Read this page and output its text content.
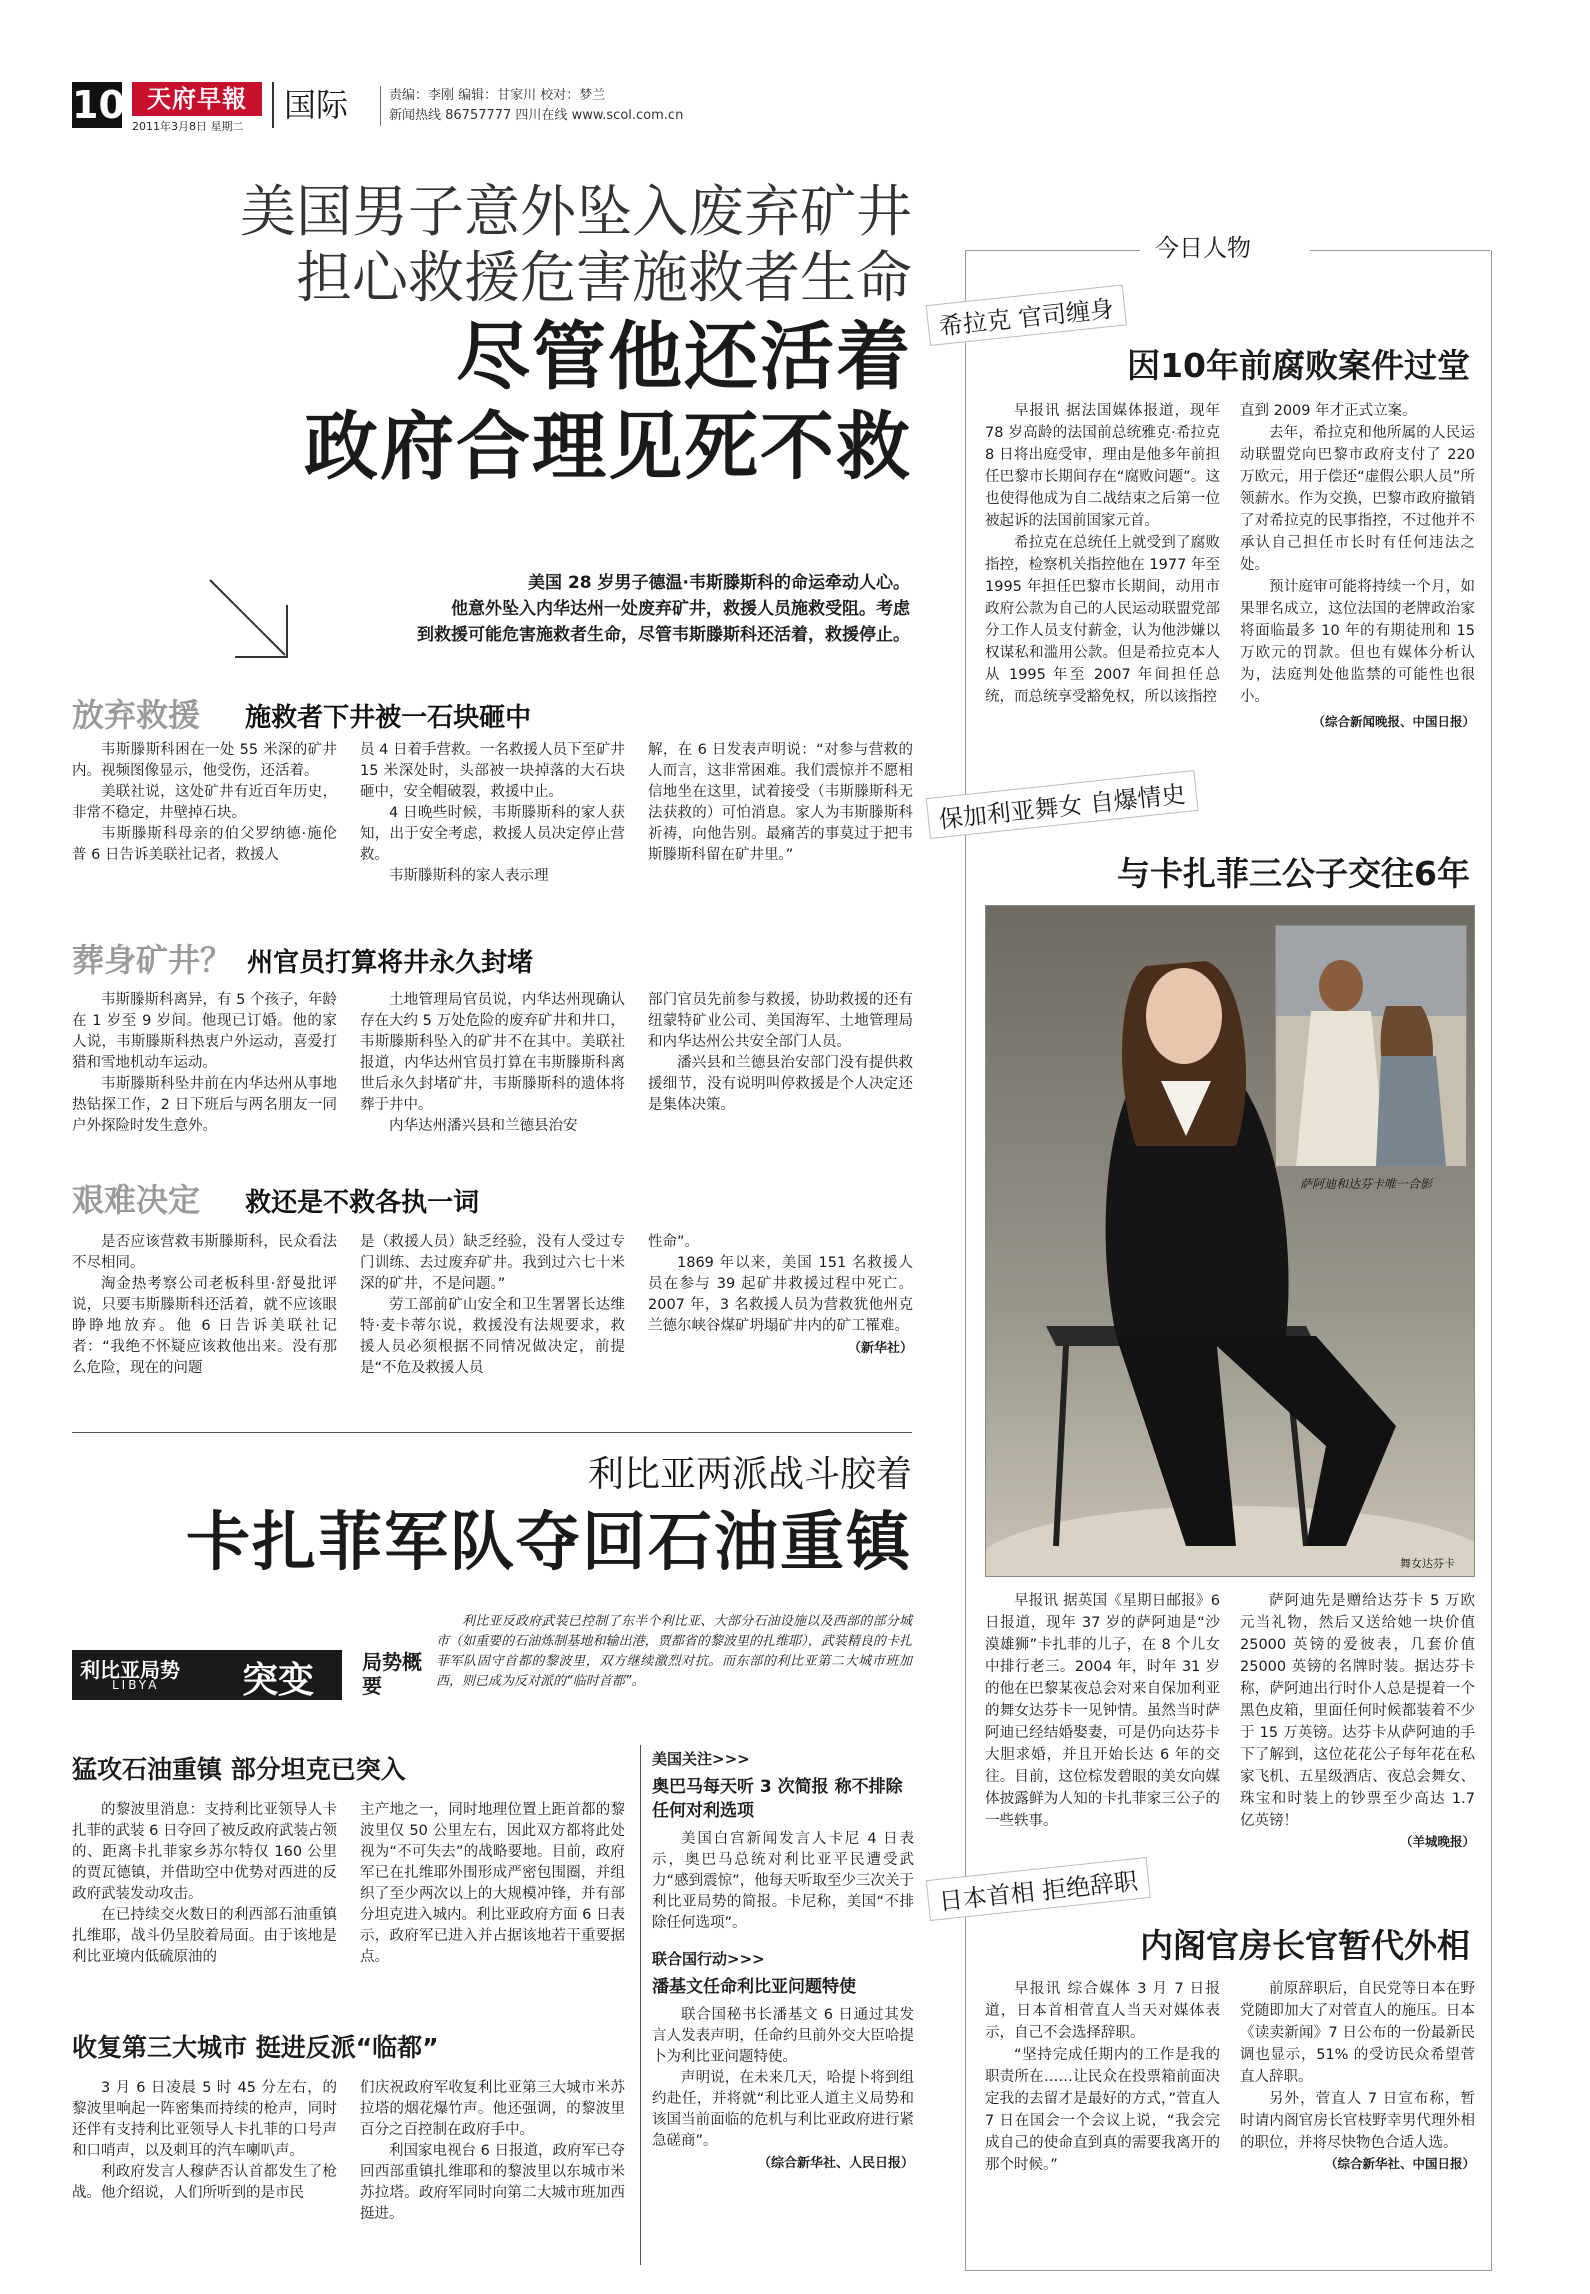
10 天府早報
2011年3月8日 星期二
国际	责编：李刚 编辑：甘家川 校对：梦兰
新闻热线 86757777 四川在线 www.scol.com.cn
美国男子意外坠入废弃矿井
担心救援危害施救者生命
尽管他还活着
政府合理见死不救
美国 28 岁男子德温·韦斯滕斯科的命运牵动人心。
他意外坠入内华达州一处废弃矿井，救援人员施救受阻。考虑
到救援可能危害施救者生命，尽管韦斯滕斯科还活着，救援停止。
放弃救援 施救者下井被一石块砸中

韦斯滕斯科困在一处 55 米深的矿井内。视频图像显示，他受伤，还活着。

美联社说，这处矿井有近百年历史，非常不稳定，井壁掉石块。

韦斯滕斯科母亲的伯父罗纳德·施伦普 6 日告诉美联社记者，救援人

员 4 日着手营救。一名救援人员下至矿井 15 米深处时，头部被一块掉落的大石块砸中，安全帽破裂，救援中止。

4 日晚些时候，韦斯滕斯科的家人获知，出于安全考虑，救援人员决定停止营救。

韦斯滕斯科的家人表示理

解，在 6 日发表声明说：“对参与营救的人而言，这非常困难。我们震惊并不愿相信地坐在这里，试着接受（韦斯滕斯科无法获救的）可怕消息。家人为韦斯滕斯科祈祷，向他告别。最痛苦的事莫过于把韦斯滕斯科留在矿井里。”

葬身矿井？ 州官员打算将井永久封堵

韦斯滕斯科离异，有 5 个孩子，年龄在 1 岁至 9 岁间。他现已订婚。他的家人说，韦斯滕斯科热衷户外运动，喜爱打猎和雪地机动车运动。

韦斯滕斯科坠井前在内华达州从事地热钻探工作，2 日下班后与两名朋友一同户外探险时发生意外。

土地管理局官员说，内华达州现确认存在大约 5 万处危险的废弃矿井和井口，韦斯滕斯科坠入的矿井不在其中。美联社报道，内华达州官员打算在韦斯滕斯科离世后永久封堵矿井，韦斯滕斯科的遗体将葬于井中。

内华达州潘兴县和兰德县治安

部门官员先前参与救援，协助救援的还有纽蒙特矿业公司、美国海军、土地管理局和内华达州公共安全部门人员。

潘兴县和兰德县治安部门没有提供救援细节，没有说明叫停救援是个人决定还是集体决策。

艰难决定 救还是不救各执一词

是否应该营救韦斯滕斯科，民众看法不尽相同。

淘金热考察公司老板科里·舒曼批评说，只要韦斯滕斯科还活着，就不应该眼睁睁地放弃。他 6 日告诉美联社记者：“我绝不怀疑应该救他出来。没有那么危险，现在的问题

是（救援人员）缺乏经验，没有人受过专门训练、去过废弃矿井。我到过六七十米深的矿井，不是问题。”

劳工部前矿山安全和卫生署署长达维特·麦卡蒂尔说，救援没有法规要求，救援人员必须根据不同情况做决定，前提是“不危及救援人员

性命”。

1869 年以来，美国 151 名救援人员在参与 39 起矿井救援过程中死亡。2007 年，3 名救援人员为营救犹他州克兰德尔峡谷煤矿坍塌矿井内的矿工罹难。

（新华社）
利比亚两派战斗胶着
卡扎菲军队夺回石油重镇
利比亚局势
LIBYA 突变 局势概要
利比亚反政府武装已控制了东半个利比亚、大部分石油设施以及西部的部分城市（如重要的石油炼制基地和输出港，贾都省的黎波里的扎维耶），武装精良的卡扎菲军队固守首都的黎波里，双方继续激烈对抗。而东部的利比亚第二大城市班加西，则已成为反对派的“临时首都”。
猛攻石油重镇 部分坦克已突入

的黎波里消息：支持利比亚领导人卡扎菲的武装 6 日夺回了被反政府武装占领的、距离卡扎菲家乡苏尔特仅 160 公里的贾瓦德镇，并借助空中优势对西进的反政府武装发动攻击。

在已持续交火数日的利西部石油重镇扎维耶，战斗仍呈胶着局面。由于该地是利比亚境内低硫原油的

主产地之一，同时地理位置上距首都的黎波里仅 50 公里左右，因此双方都将此处视为“不可失去”的战略要地。目前，政府军已在扎维耶外围形成严密包围圈，并组织了至少两次以上的大规模冲锋，并有部分坦克进入城内。利比亚政府方面 6 日表示，政府军已进入并占据该地若干重要据点。

收复第三大城市 挺进反派“临都”

3 月 6 日凌晨 5 时 45 分左右，的黎波里响起一阵密集而持续的枪声，同时还伴有支持利比亚领导人卡扎菲的口号声和口哨声，以及刺耳的汽车喇叭声。

利政府发言人穆萨否认首都发生了枪战。他介绍说，人们所听到的是市民

们庆祝政府军收复利比亚第三大城市米苏拉塔的烟花爆竹声。他还强调，的黎波里百分之百控制在政府手中。

利国家电视台 6 日报道，政府军已夺回西部重镇扎维耶和的黎波里以东城市米苏拉塔。政府军同时向第二大城市班加西挺进。

美国关注>>>
奥巴马每天听 3 次简报 称不排除任何对利选项

美国白宫新闻发言人卡尼 4 日表示，奥巴马总统对利比亚平民遭受武力“感到震惊”，他每天听取至少三次关于利比亚局势的简报。卡尼称，美国“不排除任何选项”。

联合国行动>>>
潘基文任命利比亚问题特使

联合国秘书长潘基文 6 日通过其发言人发表声明，任命约旦前外交大臣哈提卜为利比亚问题特使。

声明说，在未来几天，哈提卜将到组约赴任，并将就“利比亚人道主义局势和该国当前面临的危机与利比亚政府进行紧急磋商”。

（综合新华社、人民日报）
今日人物
希拉克 官司缠身
因10年前腐败案件过堂

早报讯 据法国媒体报道，现年 78 岁高龄的法国前总统雅克·希拉克 8 日将出庭受审，理由是他多年前担任巴黎市长期间存在“腐败问题”。这也使得他成为自二战结束之后第一位被起诉的法国前国家元首。

希拉克在总统任上就受到了腐败指控，检察机关指控他在 1977 年至 1995 年担任巴黎市长期间，动用市政府公款为自己的人民运动联盟党部分工作人员支付薪金，认为他涉嫌以权谋私和滥用公款。但是希拉克本人从 1995 年至 2007 年间担任总统，而总统享受豁免权，所以该指控

直到 2009 年才正式立案。

去年，希拉克和他所属的人民运动联盟党向巴黎市政府支付了 220 万欧元，用于偿还“虚假公职人员”所领薪水。作为交换，巴黎市政府撤销了对希拉克的民事指控，不过他并不承认自己担任市长时有任何违法之处。

预计庭审可能将持续一个月，如果罪名成立，这位法国的老牌政治家将面临最多 10 年的有期徒刑和 15 万欧元的罚款。但也有媒体分析认为，法庭判处他监禁的可能性也很小。

（综合新闻晚报、中国日报）
保加利亚舞女 自爆情史
与卡扎菲三公子交往6年
萨阿迪和达芬卡唯一合影
舞女达芬卡

早报讯 据英国《星期日邮报》6 日报道，现年 37 岁的萨阿迪是“沙漠雄狮”卡扎菲的儿子，在 8 个儿女中排行老三。2004 年，时年 31 岁的他在巴黎某夜总会对来自保加利亚的舞女达芬卡一见钟情。虽然当时萨阿迪已经结婚娶妻，可是仍向达芬卡大胆求婚，并且开始长达 6 年的交往。目前，这位棕发碧眼的美女向媒体披露鲜为人知的卡扎菲家三公子的一些轶事。

萨阿迪先是赠给达芬卡 5 万欧元当礼物，然后又送给她一块价值 25000 英镑的爱彼表，几套价值 25000 英镑的名牌时装。据达芬卡称，萨阿迪出行时仆人总是提着一个黑色皮箱，里面任何时候都装着不少于 15 万英镑。达芬卡从萨阿迪的手下了解到，这位花花公子每年花在私家飞机、五星级酒店、夜总会舞女、珠宝和时装上的钞票至少高达 1.7 亿英镑！

（羊城晚报）
日本首相 拒绝辞职
内阁官房长官暂代外相

早报讯 综合媒体 3 月 7 日报道，日本首相菅直人当天对媒体表示，自己不会选择辞职。

“坚持完成任期内的工作是我的职责所在……让民众在投票箱前面决定我的去留才是最好的方式，”菅直人 7 日在国会一个会议上说，“我会完成自己的使命直到真的需要我离开的那个时候。”

前原辞职后，自民党等日本在野党随即加大了对菅直人的施压。日本《读卖新闻》7 日公布的一份最新民调也显示，51% 的受访民众希望菅直人辞职。

另外，菅直人 7 日宣布称，暂时请内阁官房长官枝野幸男代理外相的职位，并将尽快物色合适人选。

（综合新华社、中国日报）
